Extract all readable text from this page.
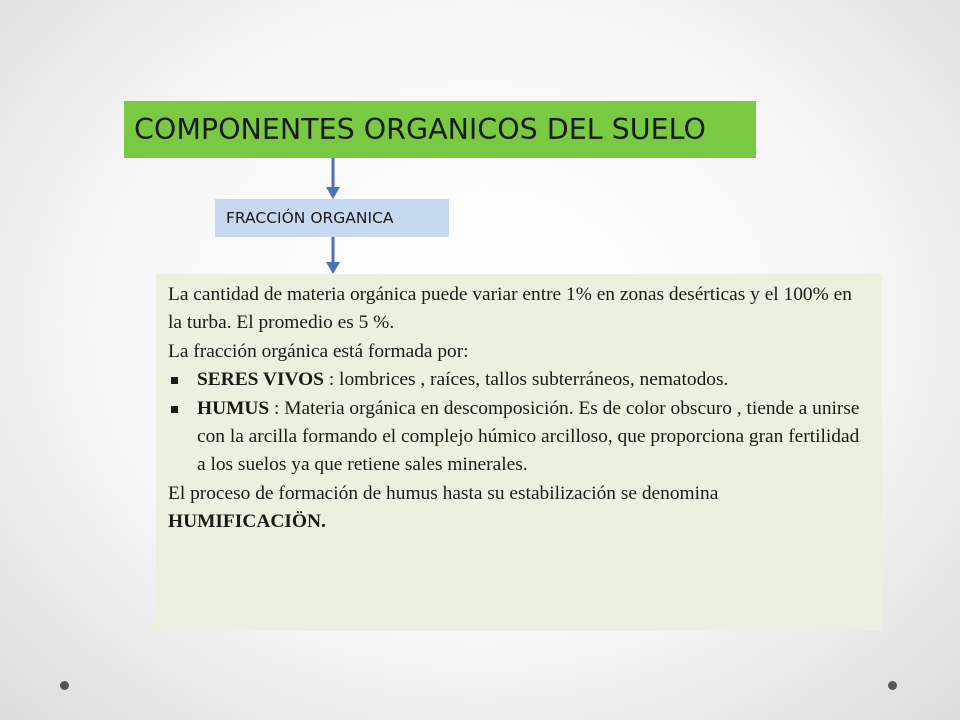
COMPONENTES ORGANICOS DEL SUELO
FRACCIÓN ORGANICA

La cantidad de materia orgánica puede variar entre 1% en zonas desérticas y el 100% en la turba. El promedio es 5 %.

La fracción orgánica está formada por:

SERES VIVOS : lombrices , raíces, tallos subterráneos, nematodos.

HUMUS : Materia orgánica en descomposición. Es de color obscuro , tiende a unirse con la arcilla formando el complejo húmico arcilloso, que proporciona gran fertilidad a los suelos ya que retiene sales minerales.

El proceso de formación de humus hasta su estabilización se denomina HUMIFICACIÖN.
